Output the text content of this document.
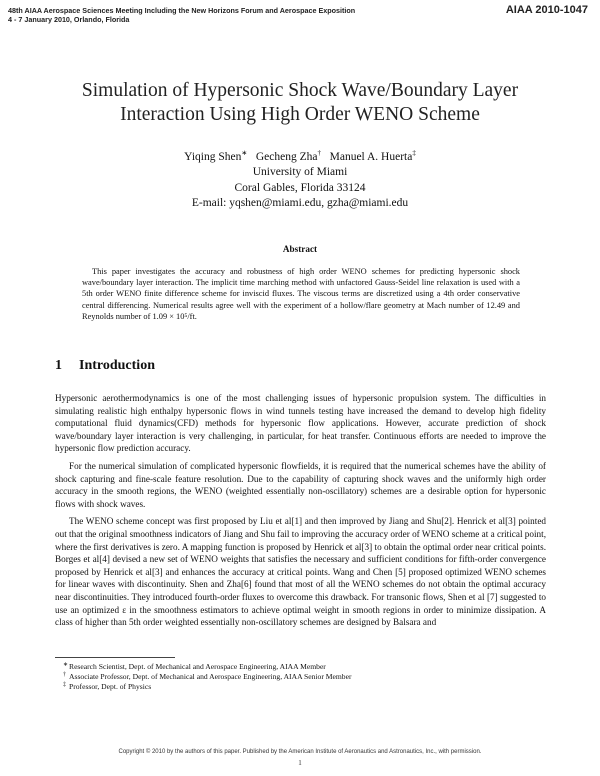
48th AIAA Aerospace Sciences Meeting Including the New Horizons Forum and Aerospace Exposition
4 - 7 January 2010, Orlando, Florida
AIAA 2010-1047
Simulation of Hypersonic Shock Wave/Boundary Layer
Interaction Using High Order WENO Scheme
Yiqing Shen∗ Gecheng Zha† Manuel A. Huerta‡
University of Miami
Coral Gables, Florida 33124
E-mail: yqshen@miami.edu, gzha@miami.edu
Abstract

This paper investigates the accuracy and robustness of high order WENO schemes for predicting hypersonic shock wave/boundary layer interaction. The implicit time marching method with unfactored Gauss-Seidel line relaxation is used with a 5th order WENO finite difference scheme for inviscid fluxes. The viscous terms are discretized using a 4th order conservative central differencing. Numerical results agree well with the experiment of a hollow/flare geometry at Mach number of 12.49 and Reynolds number of 1.09 × 10⁵/ft.

1 Introduction

Hypersonic aerothermodynamics is one of the most challenging issues of hypersonic propulsion system. The difficulties in simulating realistic high enthalpy hypersonic flows in wind tunnels testing have increased the demand to develop high fidelity computational fluid dynamics(CFD) methods for hypersonic flow applications. However, accurate prediction of shock wave/boundary layer interaction is very challenging, in particular, for heat transfer. Continuous efforts are needed to improve the hypersonic flow prediction accuracy.

For the numerical simulation of complicated hypersonic flowfields, it is required that the numerical schemes have the ability of shock capturing and fine-scale feature resolution. Due to the capability of capturing shock waves and the uniformly high order accuracy in the smooth regions, the WENO (weighted essentially non-oscillatory) schemes are a desirable option for hypersonic flows with shock waves.

The WENO scheme concept was first proposed by Liu et al[1] and then improved by Jiang and Shu[2]. Henrick et al[3] pointed out that the original smoothness indicators of Jiang and Shu fail to improving the accuracy order of WENO scheme at a critical point, where the first derivatives is zero. A mapping function is proposed by Henrick et al[3] to obtain the optimal order near critical points. Borges et al[4] devised a new set of WENO weights that satisfies the necessary and sufficient conditions for fifth-order convergence proposed by Henrick et al[3] and enhances the accuracy at critical points. Wang and Chen [5] proposed optimized WENO schemes for linear waves with discontinuity. Shen and Zha[6] found that most of all the WENO schemes do not obtain the optimal accuracy near discontinuities. They introduced fourth-order fluxes to overcome this drawback. For transonic flows, Shen et al [7] suggested to use an optimized ε in the smoothness estimators to achieve optimal weight in smooth regions in order to minimize dissipation. A class of higher than 5th order weighted essentially non-oscillatory schemes are designed by Balsara and

∗ Research Scientist, Dept. of Mechanical and Aerospace Engineering, AIAA Member
† Associate Professor, Dept. of Mechanical and Aerospace Engineering, AIAA Senior Member
‡ Professor, Dept. of Physics
Copyright © 2010 by the authors of this paper. Published by the American Institute of Aeronautics and Astronautics, Inc., with permission.
1
